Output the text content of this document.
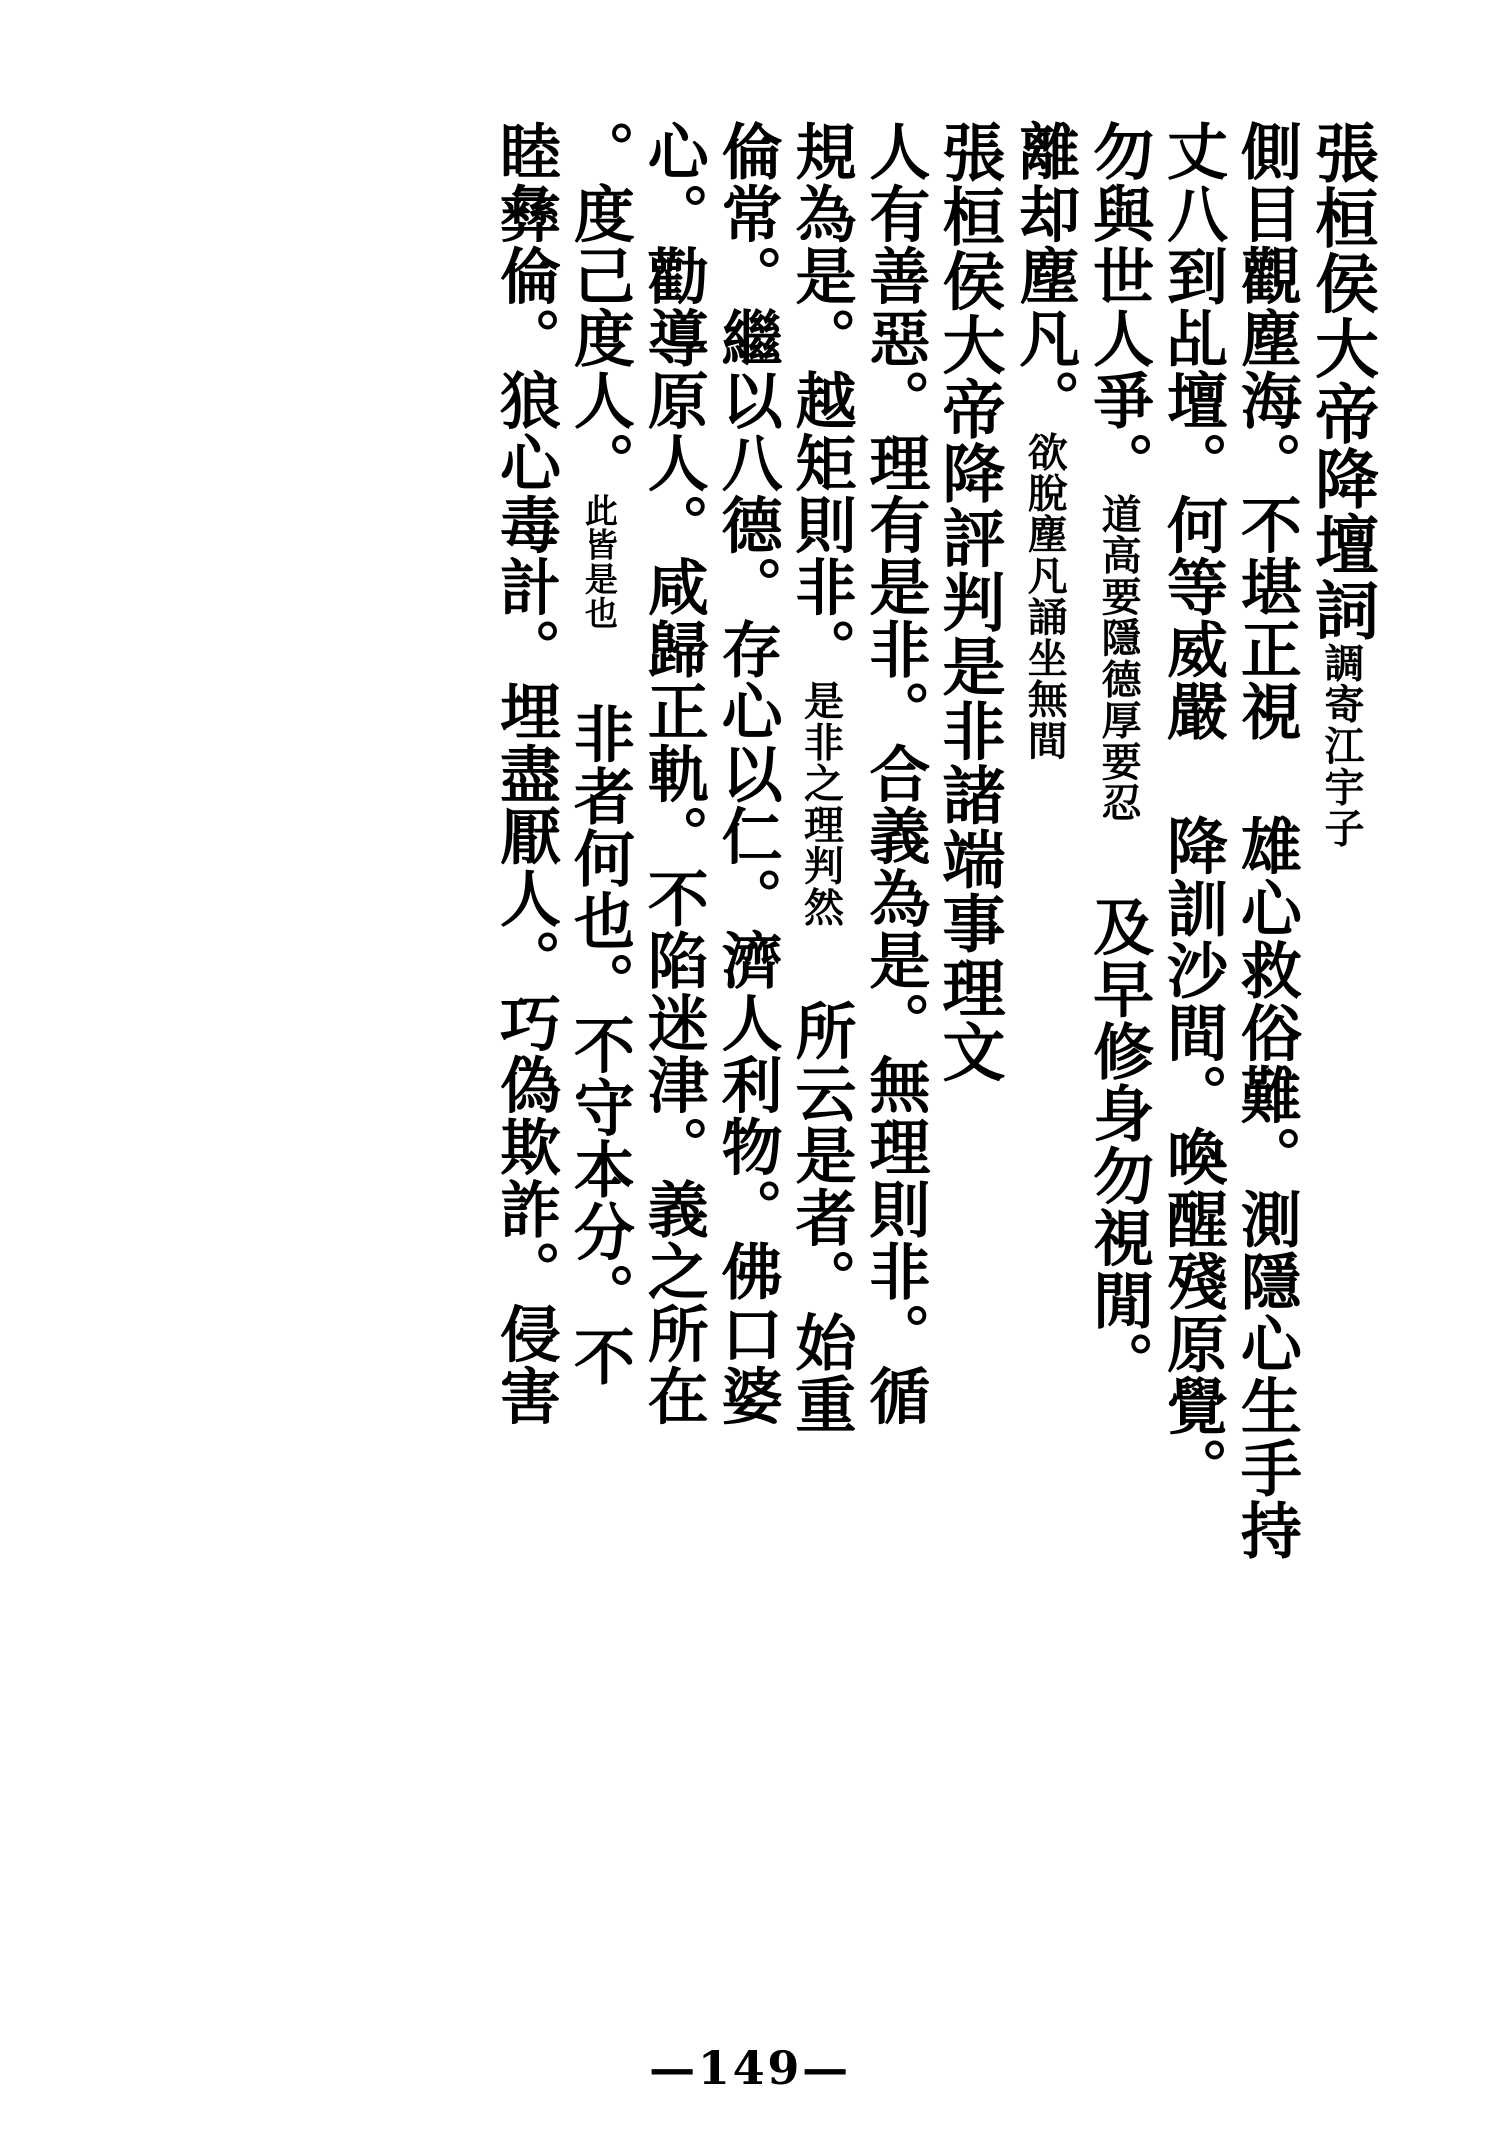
張桓侯大帝降壇詞調寄江宇子
側目觀塵海。不堪正視 雄心救俗難。測隱心生手持
丈八到乩壇。何等威嚴 降訓沙間。喚醒殘原覺。
勿與世人爭。道高要隱德厚要忍 及早修身勿視閒。
離却塵凡。欲脫塵凡誦坐無間
張桓侯大帝降評判是非諸端事理文
人有善惡。理有是非。合義為是。無理則非。循
規為是。越矩則非。是非之理判然 所云是者。始重
倫常。繼以八德。存心以仁。濟人利物。佛口婆
心。勸導原人。咸歸正軌。不陷迷津。義之所在
。度己度人。此皆是也 非者何也。不守本分。不
睦彝倫。狼心毒計。埋盡厭人。巧偽欺詐。侵害
—149—
